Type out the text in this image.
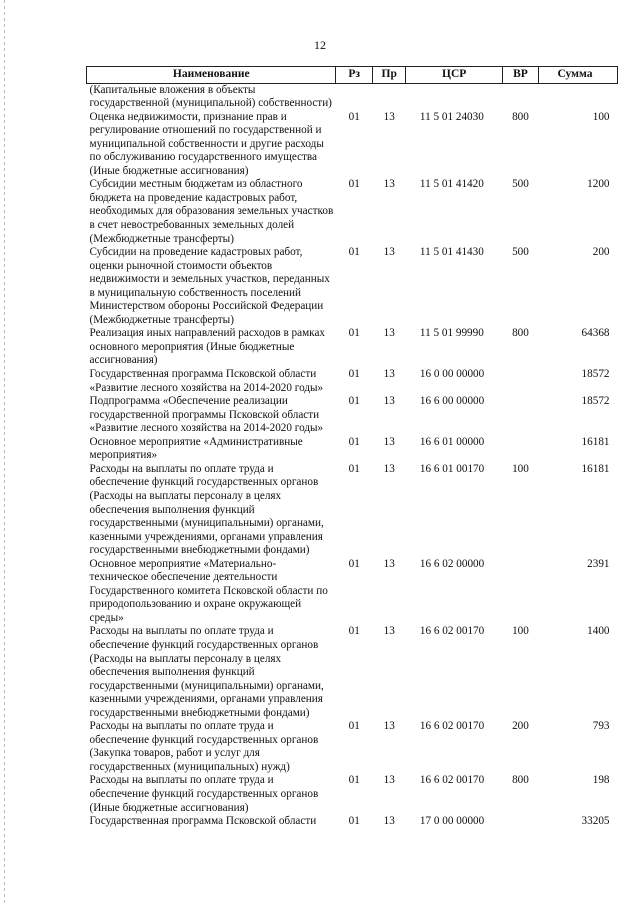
12
Наименование	Рз	Пр	ЦСР	ВР	Сумма
(Капитальные вложения в объекты государственной (муниципальной) собственности)					
Оценка недвижимости, признание прав и регулирование отношений по государственной и муниципальной собственности и другие расходы по обслуживанию государственного имущества (Иные бюджетные ассигнования)	01	13	11 5 01 24030	800	100
Субсидии местным бюджетам из областного бюджета на проведение кадастровых работ, необходимых для образования земельных участков в счет невостребованных земельных долей (Межбюджетные трансферты)	01	13	11 5 01 41420	500	1200
Субсидии на проведение кадастровых работ, оценки рыночной стоимости объектов недвижимости и земельных участков, переданных в муниципальную собственность поселений Министерством обороны Российской Федерации (Межбюджетные трансферты)	01	13	11 5 01 41430	500	200
Реализация иных направлений расходов в рамках основного мероприятия (Иные бюджетные ассигнования)	01	13	11 5 01 99990	800	64368
Государственная программа Псковской области «Развитие лесного хозяйства на 2014-2020 годы»	01	13	16 0 00 00000		18572
Подпрограмма «Обеспечение реализации государственной программы Псковской области «Развитие лесного хозяйства на 2014-2020 годы»	01	13	16 6 00 00000		18572
Основное мероприятие «Административные мероприятия»	01	13	16 6 01 00000		16181
Расходы на выплаты по оплате труда и обеспечение функций государственных органов (Расходы на выплаты персоналу в целях обеспечения выполнения функций государственными (муниципальными) органами, казенными учреждениями, органами управления государственными внебюджетными фондами)	01	13	16 6 01 00170	100	16181
Основное мероприятие «Материально-техническое обеспечение деятельности Государственного комитета Псковской области по природопользованию и охране окружающей среды»	01	13	16 6 02 00000		2391
Расходы на выплаты по оплате труда и обеспечение функций государственных органов (Расходы на выплаты персоналу в целях обеспечения выполнения функций государственными (муниципальными) органами, казенными учреждениями, органами управления государственными внебюджетными фондами)	01	13	16 6 02 00170	100	1400
Расходы на выплаты по оплате труда и обеспечение функций государственных органов (Закупка товаров, работ и услуг для государственных (муниципальных) нужд)	01	13	16 6 02 00170	200	793
Расходы на выплаты по оплате труда и обеспечение функций государственных органов (Иные бюджетные ассигнования)	01	13	16 6 02 00170	800	198
Государственная программа Псковской области	01	13	17 0 00 00000		33205
